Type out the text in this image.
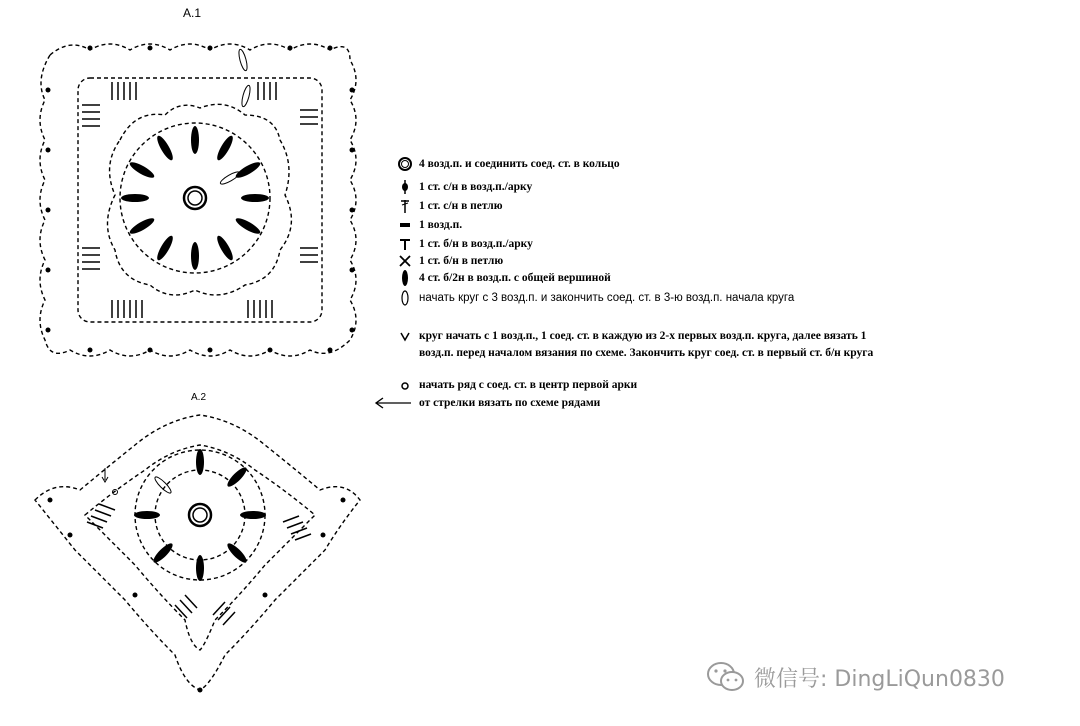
A.1
A.2
4 возд.п. и соединить соед. ст. в кольцо
1 ст. с/н в возд.п./арку
1 ст. с/н в петлю
1 возд.п.
1 ст. б/н в возд.п./арку
1 ст. б/н в петлю
4 ст. б/2н в возд.п. с общей вершиной
начать круг с 3 возд.п. и закончить соед. ст. в 3-ю возд.п. начала круга
круг начать с 1 возд.п., 1 соед. ст. в каждую из 2-х первых возд.п. круга, далее вязать 1
возд.п. перед началом вязания по схеме. Закончить круг соед. ст. в первый ст. б/н круга
начать ряд с соед. ст. в центр первой арки
от стрелки вязать по схеме рядами
微信号: DingLiQun0830
